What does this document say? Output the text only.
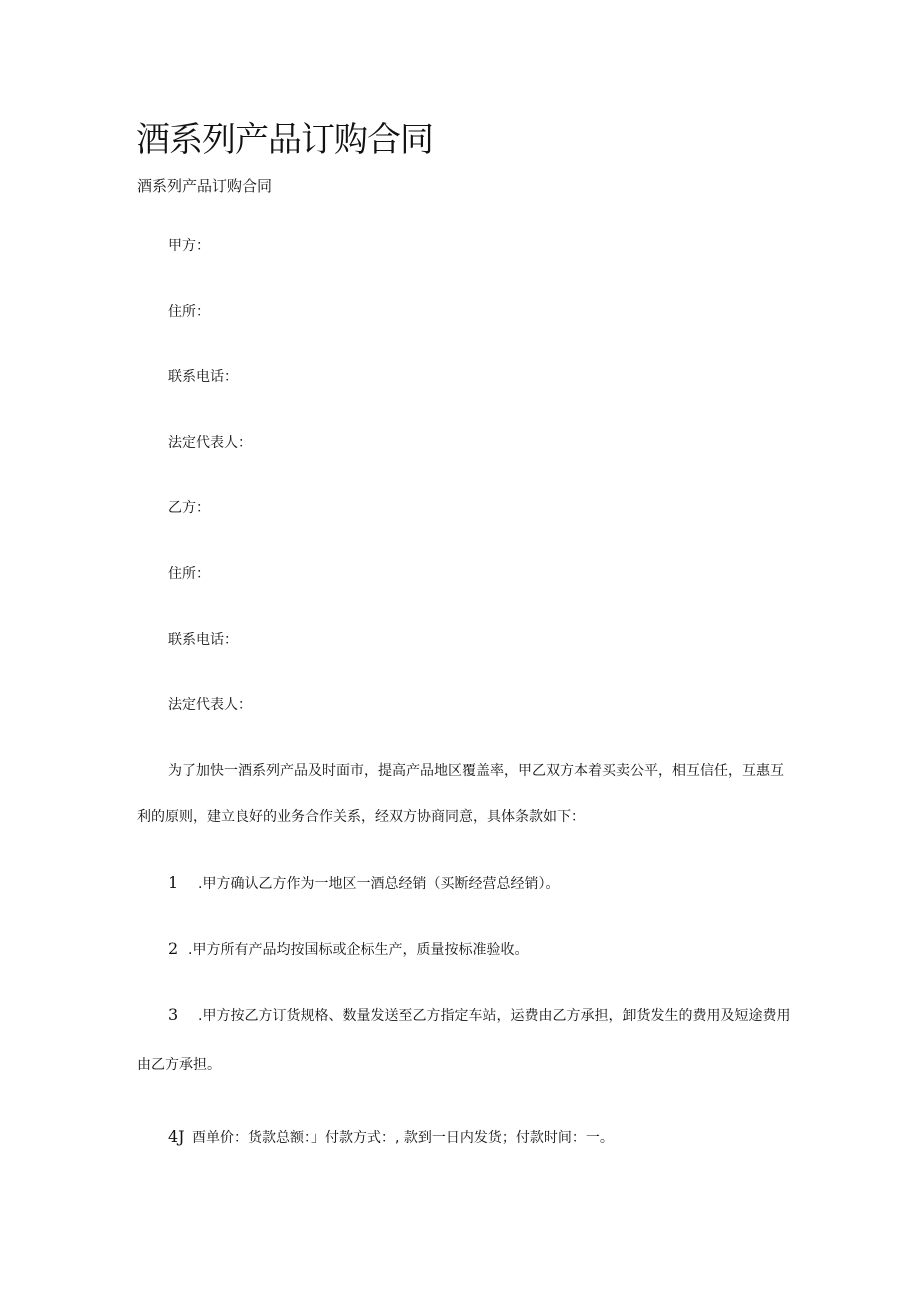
酒系列产品订购合同
酒系列产品订购合同
甲方：
住所：
联系电话：
法定代表人：
乙方：
住所：
联系电话：
法定代表人：
为了加快一酒系列产品及时面市，提高产品地区覆盖率，甲乙双方本着买卖公平，相互信任，互惠互
利的原则，建立良好的业务合作关系，经双方协商同意，具体条款如下：
1 .甲方确认乙方作为一地区一酒总经销（买断经营总经销）。
2 .甲方所有产品均按国标或企标生产，质量按标准验收。
3 .甲方按乙方订货规格、数量发送至乙方指定车站，运费由乙方承担，卸货发生的费用及短途费用
由乙方承担。
4J 酉单价：货款总额：」付款方式：, 款到一日内发货；付款时间：一。
